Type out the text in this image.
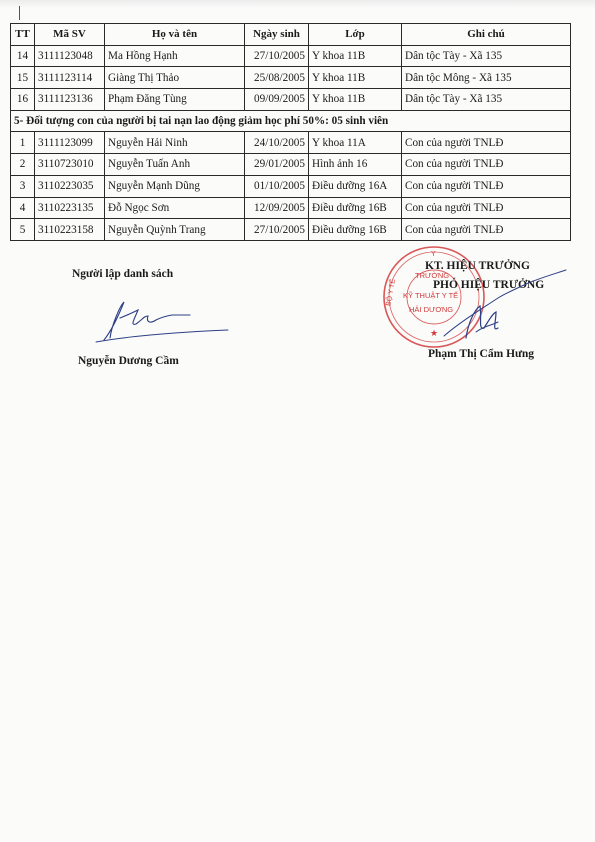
TT	Mã SV	Họ và tên	Ngày sinh	Lớp	Ghi chú
14	3111123048	Ma Hồng Hạnh	27/10/2005	Y khoa 11B	Dân tộc Tày - Xã 135
15	3111123114	Giàng Thị Thảo	25/08/2005	Y khoa 11B	Dân tộc Mông - Xã 135
16	3111123136	Phạm Đăng Tùng	09/09/2005	Y khoa 11B	Dân tộc Tày - Xã 135
5- Đối tượng con của người bị tai nạn lao động giảm học phí 50%: 05 sinh viên					
1	3111123099	Nguyễn Hải Ninh	24/10/2005	Y khoa 11A	Con của người TNLĐ
2	3110723010	Nguyễn Tuấn Anh	29/01/2005	Hình ảnh 16	Con của người TNLĐ
3	3110223035	Nguyễn Mạnh Dũng	01/10/2005	Điều dưỡng 16A	Con của người TNLĐ
4	3110223135	Đỗ Ngọc Sơn	12/09/2005	Điều dưỡng 16B	Con của người TNLĐ
5	3110223158	Nguyễn Quỳnh Trang	27/10/2005	Điều dưỡng 16B	Con của người TNLĐ
Người lập danh sách
Nguyễn Dương Cầm
Y
BỘ Y TẾ
TRƯỜNG
KỸ THUẬT Y TẾ
HẢI DƯƠNG
★
KT. HIỆU TRƯỞNG
PHÓ HIỆU TRƯỞNG
Phạm Thị Cẩm Hưng
